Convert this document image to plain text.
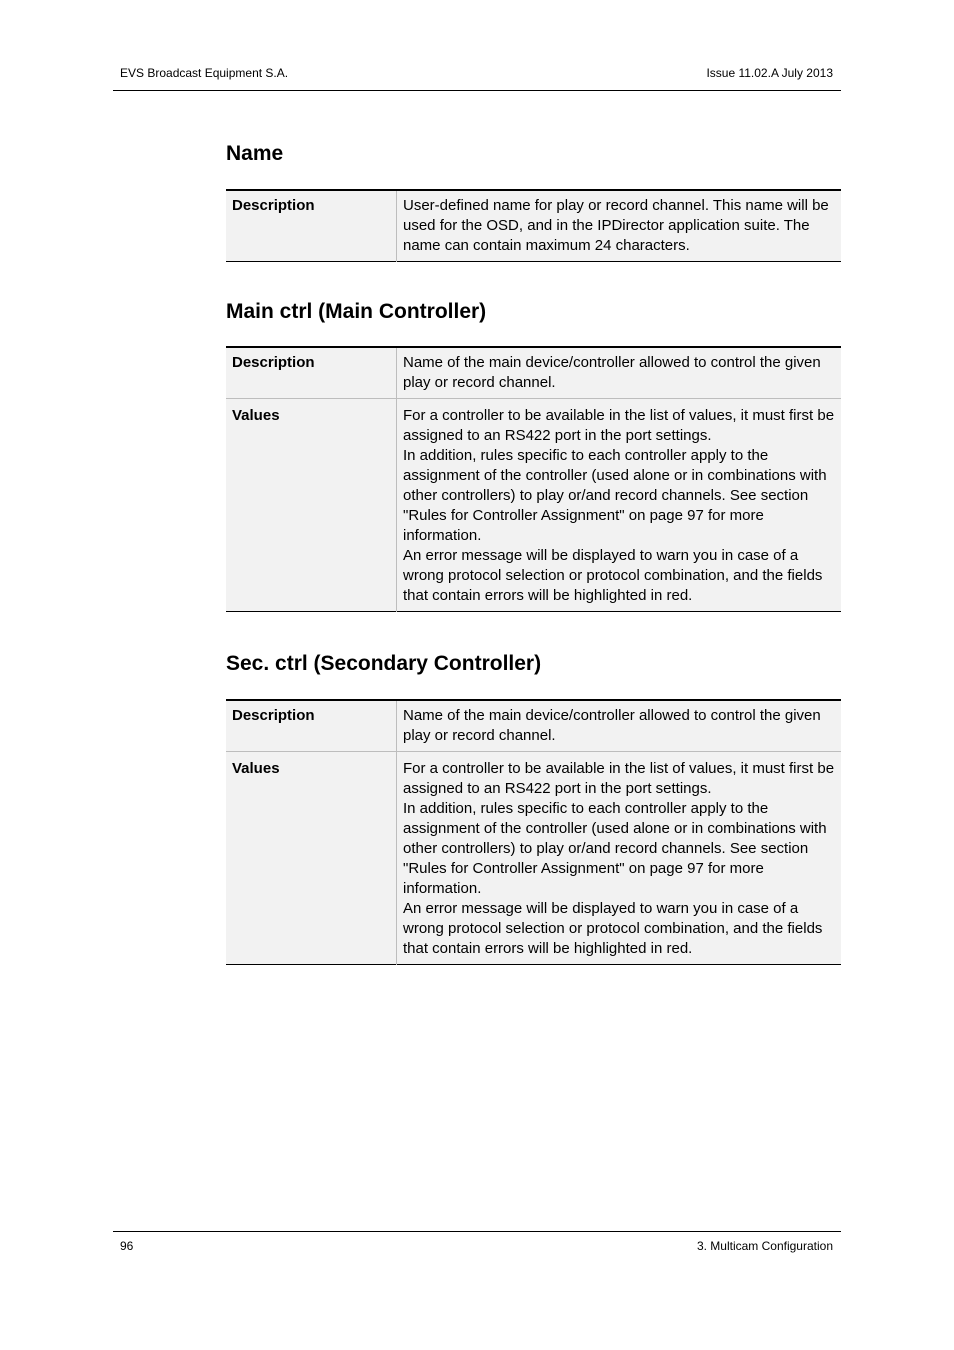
EVS Broadcast Equipment S.A.	Issue 11.02.A July 2013
Name
Description	User-defined name for play or record channel. This name will be used for the OSD, and in the IPDirector application suite. The name can contain maximum 24 characters.
Main ctrl (Main Controller)
Description	Name of the main device/controller allowed to control the given play or record channel.
Values	For a controller to be available in the list of values, it must first be assigned to an RS422 port in the port settings.
In addition, rules specific to each controller apply to the assignment of the controller (used alone or in combinations with other controllers) to play or/and record channels. See section "Rules for Controller Assignment" on page 97 for more information.
An error message will be displayed to warn you in case of a wrong protocol selection or protocol combination, and the fields that contain errors will be highlighted in red.
Sec. ctrl (Secondary Controller)
Description	Name of the main device/controller allowed to control the given play or record channel.
Values	For a controller to be available in the list of values, it must first be assigned to an RS422 port in the port settings.
In addition, rules specific to each controller apply to the assignment of the controller (used alone or in combinations with other controllers) to play or/and record channels. See section "Rules for Controller Assignment" on page 97 for more information.
An error message will be displayed to warn you in case of a wrong protocol selection or protocol combination, and the fields that contain errors will be highlighted in red.
96	3. Multicam Configuration
